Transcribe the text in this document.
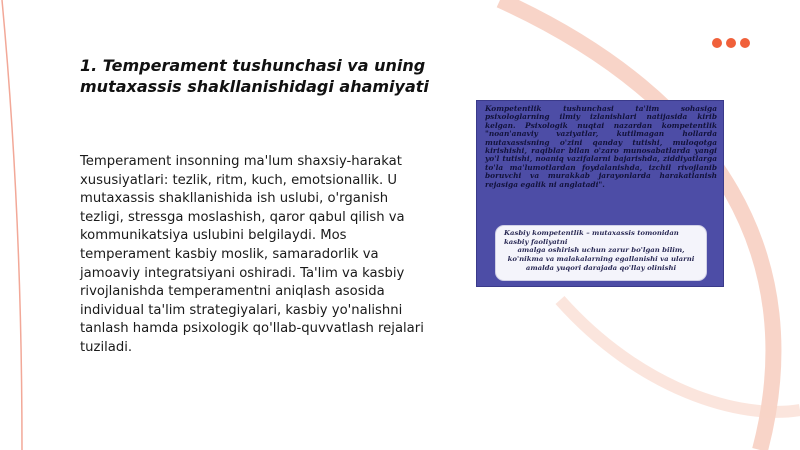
1. Temperament tushunchasi va uning mutaxassis shakllanishidagi ahamiyati

Temperament insonning ma'lum shaxsiy-harakat xususiyatlari: tezlik, ritm, kuch, emotsionallik. U mutaxassis shakllanishida ish uslubi, o'rganish tezligi, stressga moslashish, qaror qabul qilish va kommunikatsiya uslubini belgilaydi. Mos temperament kasbiy moslik, samaradorlik va jamoaviy integratsiyani oshiradi. Ta'lim va kasbiy rivojlanishda temperamentni aniqlash asosida individual ta'lim strategiyalari, kasbiy yo'nalishni tanlash hamda psixologik qo'llab-quvvatlash rejalari tuziladi.

Kompetentlik tushunchasi ta'lim sohasiga psixologlarning ilmiy izlanishlari natijasida kirib kelgan. Psixologik nuqtai nazardan kompetentlik "noan'anaviy vaziyatlar, kutilmagan hollarda mutaxassisning o'zini qanday tutishi, muloqotga kirishishi, raqiblar bilan o'zaro munosabatlarda yangi yo'l tutishi, noaniq vazifalarni bajarishda, ziddiyatlarga to'la ma'lumotlardan foydalanishda, izchil rivojlanib boruvchi va murakkab jarayonlarda harakatlanish rejasiga egalik ni anglatadi".

Kasbiy kompetentlik – mutaxassis tomonidan kasbiy faoliyatni

amalga oshirish uchun zarur bo'lgan bilim, ko'nikma va malakalarning egallanishi va ularni amalda yuqori darajada qo'llay olinishi
